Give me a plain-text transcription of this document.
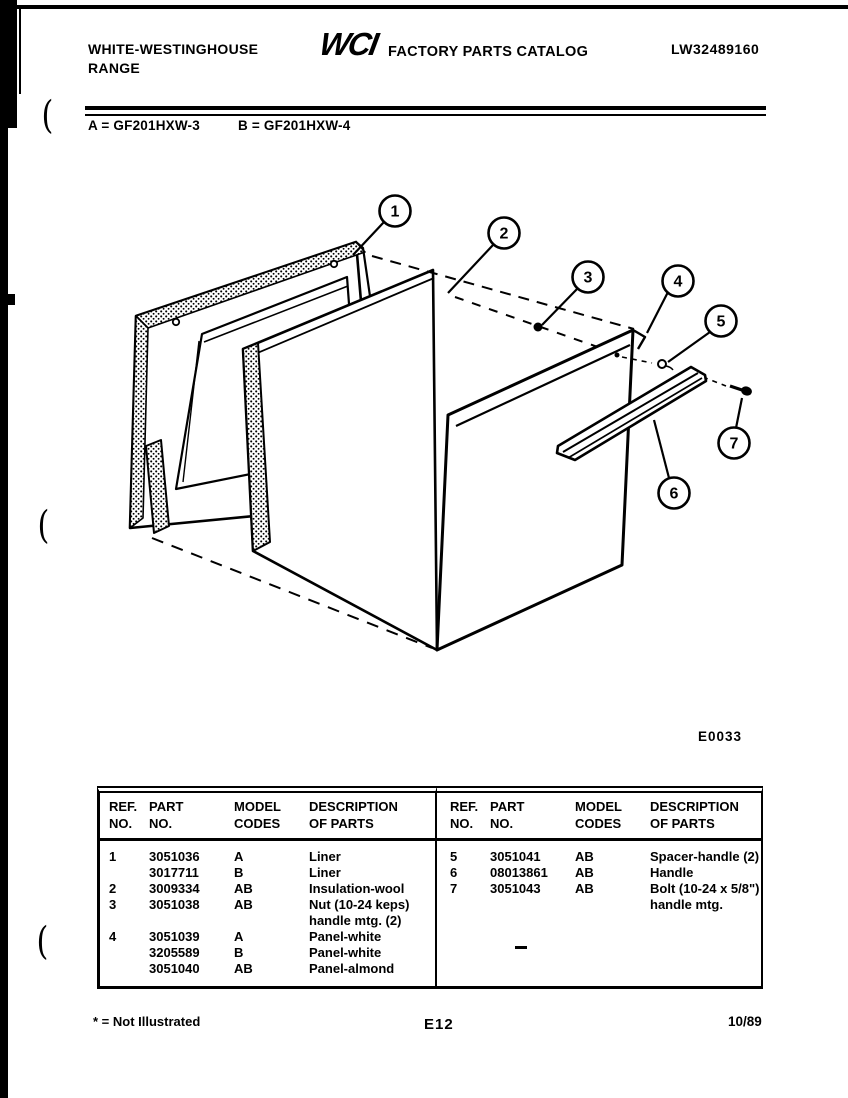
(
(
(
WHITE-WESTINGHOUSE
RANGE
WCI FACTORY PARTS CATALOG	LW32489160
A = GF201HXW-3	B = GF201HXW-4
1
2
3	4
5
6
7
E0033
REF. PART	MODEL	DESCRIPTION
NO.	NO.	CODES	OF PARTS
1	3051036	A	Liner
3017711	B	Liner
2	3009334	AB	Insulation-wool
3	3051038	AB	Nut (10-24 keps)
handle mtg. (2)
4	3051039	A	Panel-white
3205589	B	Panel-white
3051040	AB	Panel-almond
REF. PART	MODEL	DESCRIPTION
NO.	NO.	CODES	OF PARTS
5	3051041	AB	Spacer-handle (2)
6	08013861	AB	Handle
7	3051043	AB	Bolt (10-24 x 5/8")
handle mtg.
* = Not Illustrated	E12	10/89
